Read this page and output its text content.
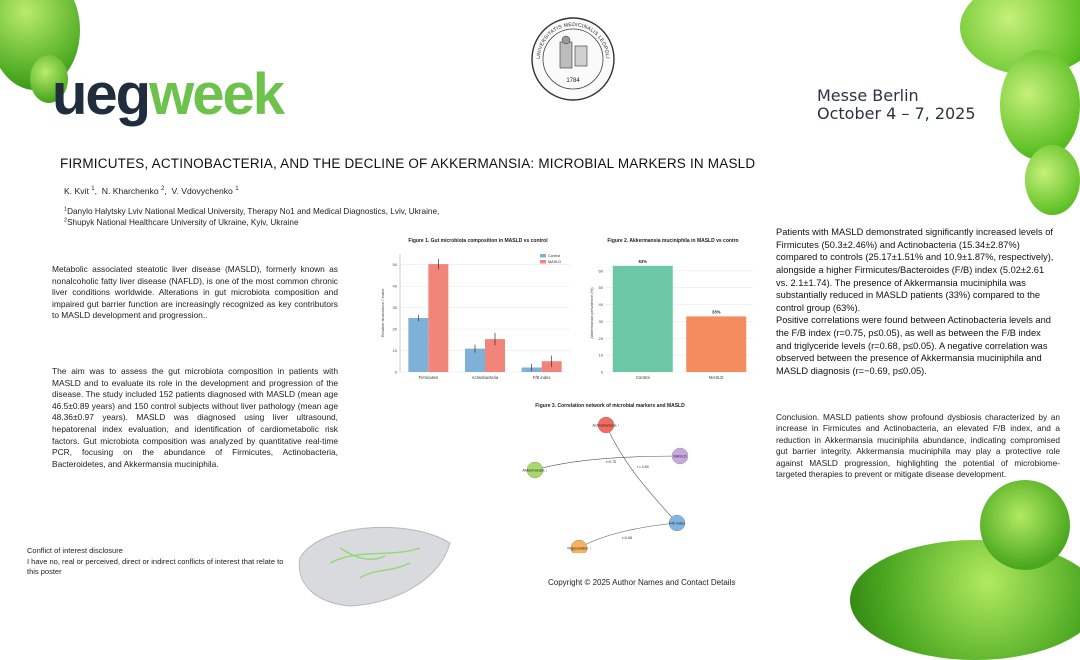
uegweek
UNIVERSITATIS MEDICINALIS LEOPOLI
1784
Messe Berlin
October 4 – 7, 2025
FIRMICUTES, ACTINOBACTERIA, AND THE DECLINE OF AKKERMANSIA: MICROBIAL MARKERS IN MASLD
K. Kvit $^1$,  N. Kharchenko $^2$,  V. Vdovychenko $^1$
$^1$Danylo Halytsky Lviv National Medical University, Therapy No1 and Medical Diagnostics, Lviv, Ukraine,
$^2$Shupyk National Healthcare University of Ukraine, Kyiv, Ukraine
Metabolic associated steatotic liver disease (MASLD), formerly known as nonalcoholic fatty liver disease (NAFLD), is one of the most common chronic liver conditions worldwide. Alterations in gut microbiota composition and impaired gut barrier function are increasingly recognized as key contributors to MASLD development and progression..
The aim was to assess the gut microbiota composition in patients with MASLD and to evaluate its role in the development and progression of the disease. The study included 152 patients diagnosed with MASLD (mean age 46.5±0.89 years) and 150 control subjects without liver pathology (mean age 48.36±0.97 years). MASLD was diagnosed using liver ultrasound, hepatorenal index evaluation, and identification of cardiometabolic risk factors. Gut microbiota composition was analyzed by quantitative real-time PCR, focusing on the abundance of Firmicutes, Actinobacteria, Bacteroidetes, and Akkermansia muciniphila.
Conflict of interest disclosure
I have no, real or perceived, direct or indirect conflicts of interest that relate to this poster
Figure 1. Gut microbiota composition in MASLD vs control
0
10
20
30
40
50
Relative abundance / Index
Firmicutes	Actinobacteria	F/B index
Control
MASLD
Figure 2. Akkermansia muciniphila in MASLD vs contro
0
10
20
30
40
50
60
Akkermansia prevalence (%)
63%
Control
33%
MASLD
Figure 3. Correlation network of microbial markers and MASLD
r=0.75
r=-0.69
r=0.68
Actinobacteria ↑
MASLD
Akkermansia ↓
F/B index
Triglycerides ↑
Copyright © 2025 Author Names and Contact Details
Patients with MASLD demonstrated significantly increased levels of Firmicutes (50.3±2.46%) and Actinobacteria (15.34±2.87%) compared to controls (25.17±1.51% and 10.9±1.87%, respectively), alongside a higher Firmicutes/Bacteroides (F/B) index (5.02±2.61 vs. 2.1±1.74). The presence of Akkermansia muciniphila was substantially reduced in MASLD patients (33%) compared to the control group (63%).
Positive correlations were found between Actinobacteria levels and the F/B index (r=0.75, p≤0.05), as well as between the F/B index and triglyceride levels (r=0.68, p≤0.05). A negative correlation was observed between the presence of Akkermansia muciniphila and MASLD diagnosis (r=−0.69, p≤0.05).
Conclusion. MASLD patients show profound dysbiosis characterized by an increase in Firmicutes and Actinobacteria, an elevated F/B index, and a reduction in Akkermansia muciniphila abundance, indicating compromised gut barrier integrity. Akkermansia muciniphila may play a protective role against MASLD progression, highlighting the potential of microbiome-targeted therapies to prevent or mitigate disease development.
